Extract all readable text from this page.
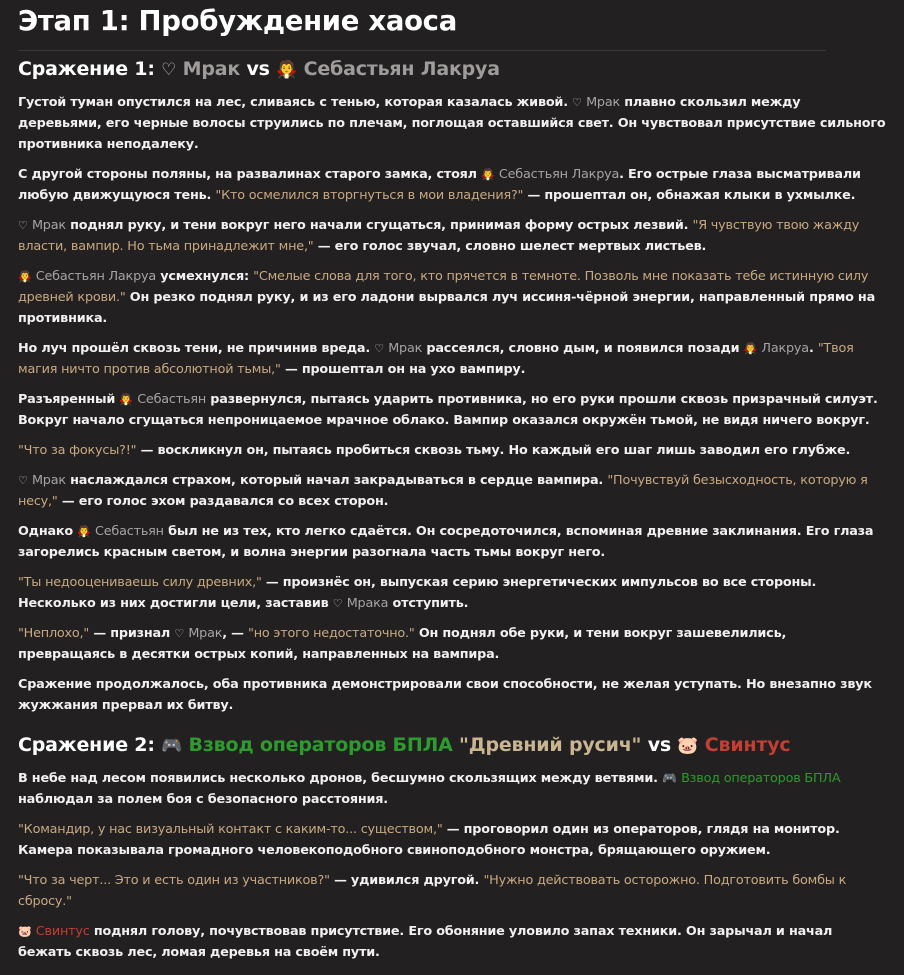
Этап 1: Пробуждение хаоса
Сражение 1: ♡ Мрак vs 🧛 Себастьян Лакруа

Густой туман опустился на лес, сливаясь с тенью, которая казалась живой. ♡ Мрак плавно скользил между деревьями, его черные волосы струились по плечам, поглощая оставшийся свет. Он чувствовал присутствие сильного противника неподалеку.

С другой стороны поляны, на развалинах старого замка, стоял 🧛 Себастьян Лакруа. Его острые глаза высматривали любую движущуюся тень. "Кто осмелился вторгнуться в мои владения?" — прошептал он, обнажая клыки в ухмылке.

♡ Мрак поднял руку, и тени вокруг него начали сгущаться, принимая форму острых лезвий. "Я чувствую твою жажду власти, вампир. Но тьма принадлежит мне," — его голос звучал, словно шелест мертвых листьев.

🧛 Себастьян Лакруа усмехнулся: "Смелые слова для того, кто прячется в темноте. Позволь мне показать тебе истинную силу древней крови." Он резко поднял руку, и из его ладони вырвался луч иссиня-чёрной энергии, направленный прямо на противника.

Но луч прошёл сквозь тени, не причинив вреда. ♡ Мрак рассеялся, словно дым, и появился позади 🧛 Лакруа. "Твоя магия ничто против абсолютной тьмы," — прошептал он на ухо вампиру.

Разъяренный 🧛 Себастьян развернулся, пытаясь ударить противника, но его руки прошли сквозь призрачный силуэт. Вокруг начало сгущаться непроницаемое мрачное облако. Вампир оказался окружён тьмой, не видя ничего вокруг.

"Что за фокусы?!" — воскликнул он, пытаясь пробиться сквозь тьму. Но каждый его шаг лишь заводил его глубже.

♡ Мрак наслаждался страхом, который начал закрадываться в сердце вампира. "Почувствуй безысходность, которую я несу," — его голос эхом раздавался со всех сторон.

Однако 🧛 Себастьян был не из тех, кто легко сдаётся. Он сосредоточился, вспоминая древние заклинания. Его глаза загорелись красным светом, и волна энергии разогнала часть тьмы вокруг него.

"Ты недооцениваешь силу древних," — произнёс он, выпуская серию энергетических импульсов во все стороны. Несколько из них достигли цели, заставив ♡ Мрака отступить.

"Неплохо," — признал ♡ Мрак, — "но этого недостаточно." Он поднял обе руки, и тени вокруг зашевелились, превращаясь в десятки острых копий, направленных на вампира.

Сражение продолжалось, оба противника демонстрировали свои способности, не желая уступать. Но внезапно звук жужжания прервал их битву.

Сражение 2: 🎮 Взвод операторов БПЛА "Древний русич" vs 🐷 Свинтус

В небе над лесом появились несколько дронов, бесшумно скользящих между ветвями. 🎮 Взвод операторов БПЛА наблюдал за полем боя с безопасного расстояния.

"Командир, у нас визуальный контакт с каким-то... существом," — проговорил один из операторов, глядя на монитор. Камера показывала громадного человекоподобного свиноподобного монстра, брящающего оружием.

"Что за черт... Это и есть один из участников?" — удивился другой. "Нужно действовать осторожно. Подготовить бомбы к сбросу."

🐷 Свинтус поднял голову, почувствовав присутствие. Его обоняние уловило запах техники. Он зарычал и начал бежать сквозь лес, ломая деревья на своём пути.
